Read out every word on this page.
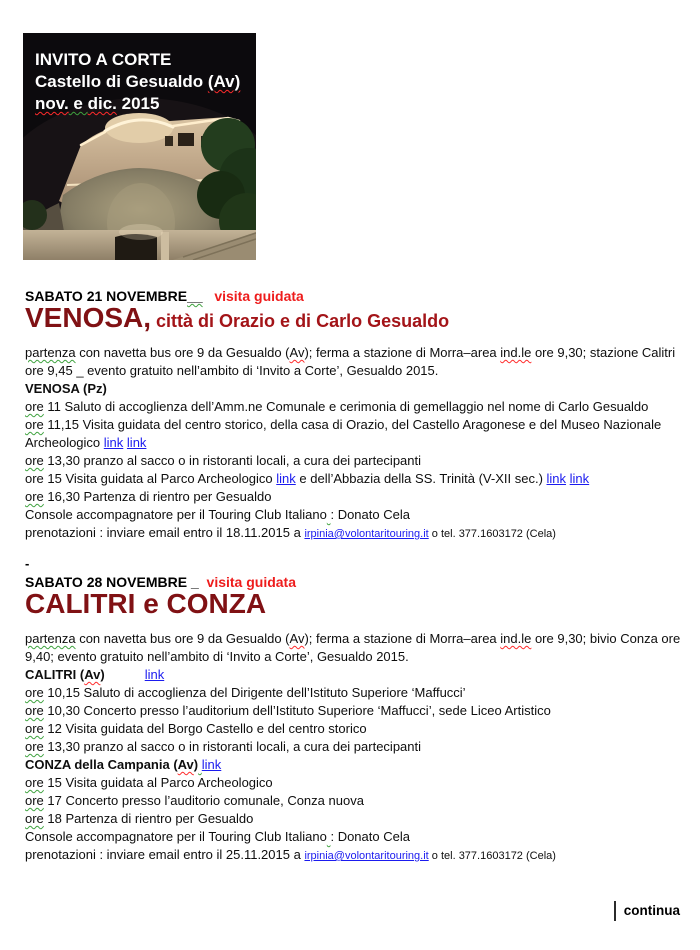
INVITO A CORTE
Castello di Gesualdo (Av)
nov. e dic. 2015
SABATO 21 NOVEMBRE__ visita guidata
VENOSA, città di Orazio e di Carlo Gesualdo
partenza con navetta bus ore 9 da Gesualdo (Av); ferma a stazione di Morra–area ind.le ore 9,30; stazione Calitri
ore 9,45 _ evento gratuito nell’ambito di ‘Invito a Corte’, Gesualdo 2015.
VENOSA (Pz)
ore 11 Saluto di accoglienza dell’Amm.ne Comunale e cerimonia di gemellaggio nel nome di Carlo Gesualdo
ore 11,15 Visita guidata del centro storico, della casa di Orazio, del Castello Aragonese e del Museo Nazionale
Archeologico link link
ore 13,30 pranzo al sacco o in ristoranti locali, a cura dei partecipanti
ore 15 Visita guidata al Parco Archeologico link e dell’Abbazia della SS. Trinità (V-XII sec.) link link
ore 16,30 Partenza di rientro per Gesualdo
Console accompagnatore per il Touring Club Italiano : Donato Cela
prenotazioni : inviare email entro il 18.11.2015 a irpinia@volontaritouring.it o tel. 377.1603172 (Cela)
-
SABATO 28 NOVEMBRE _ visita guidata
CALITRI e CONZA
partenza con navetta bus ore 9 da Gesualdo (Av); ferma a stazione di Morra–area ind.le ore 9,30; bivio Conza ore
9,40; evento gratuito nell’ambito di ‘Invito a Corte’, Gesualdo 2015.
CALITRI (Av)	link
ore 10,15 Saluto di accoglienza del Dirigente dell’Istituto Superiore ‘Maffucci’
ore 10,30 Concerto presso l’auditorium dell’Istituto Superiore ‘Maffucci’, sede Liceo Artistico
ore 12 Visita guidata del Borgo Castello e del centro storico
ore 13,30 pranzo al sacco o in ristoranti locali, a cura dei partecipanti
CONZA della Campania (Av) link
ore 15 Visita guidata al Parco Archeologico
ore 17 Concerto presso l’auditorio comunale, Conza nuova
ore 18 Partenza di rientro per Gesualdo
Console accompagnatore per il Touring Club Italiano : Donato Cela
prenotazioni : inviare email entro il 25.11.2015 a irpinia@volontaritouring.it o tel. 377.1603172 (Cela)
continua
